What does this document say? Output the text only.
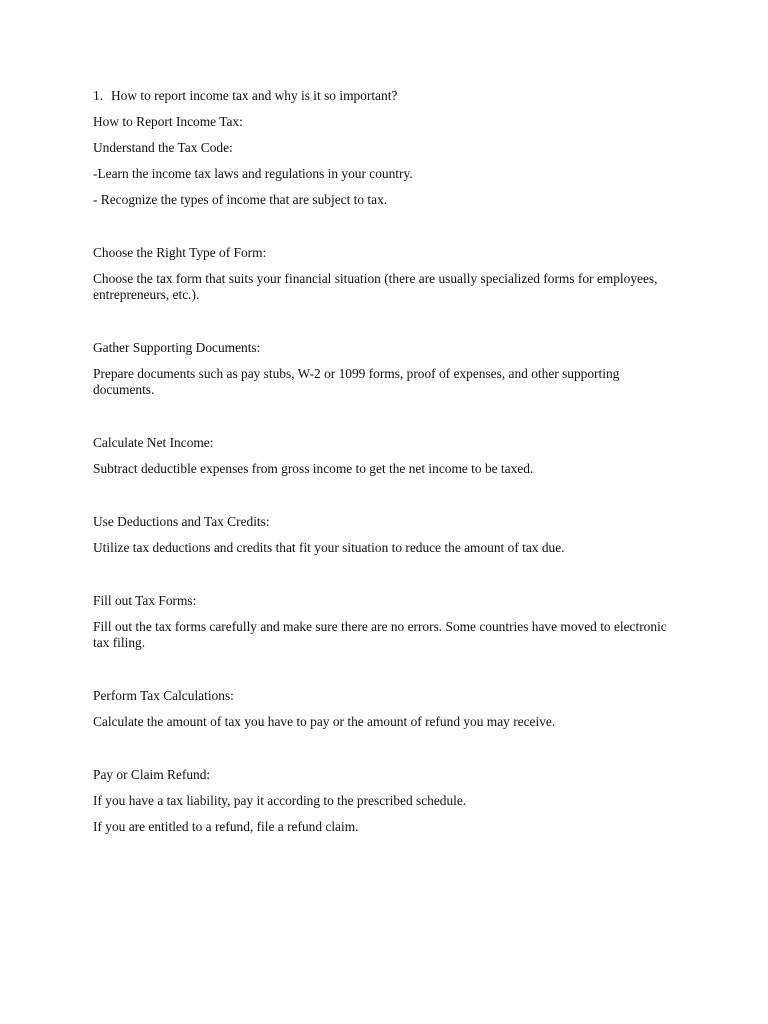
1. How to report income tax and why is it so important?

How to Report Income Tax:

Understand the Tax Code:

-Learn the income tax laws and regulations in your country.

- Recognize the types of income that are subject to tax.

Choose the Right Type of Form:

Choose the tax form that suits your financial situation (there are usually specialized forms for employees, entrepreneurs, etc.).

Gather Supporting Documents:

Prepare documents such as pay stubs, W-2 or 1099 forms, proof of expenses, and other supporting documents.

Calculate Net Income:

Subtract deductible expenses from gross income to get the net income to be taxed.

Use Deductions and Tax Credits:

Utilize tax deductions and credits that fit your situation to reduce the amount of tax due.

Fill out Tax Forms:

Fill out the tax forms carefully and make sure there are no errors. Some countries have moved to electronic tax filing.

Perform Tax Calculations:

Calculate the amount of tax you have to pay or the amount of refund you may receive.

Pay or Claim Refund:

If you have a tax liability, pay it according to the prescribed schedule.

If you are entitled to a refund, file a refund claim.
